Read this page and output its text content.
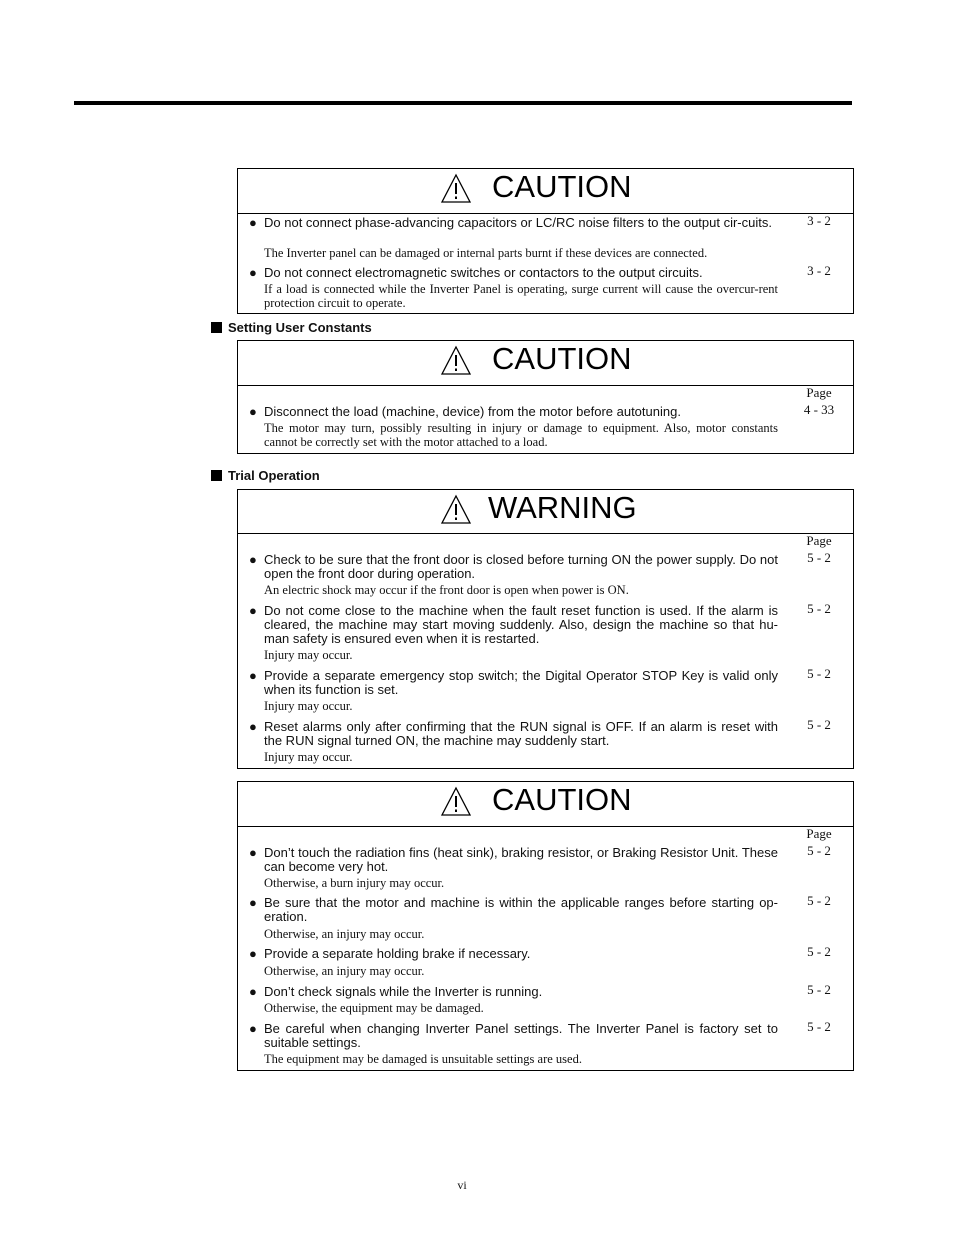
CAUTION
● Do not connect phase-advancing capacitors or LC/RC noise filters to the output cir-cuits.
The Inverter panel can be damaged or internal parts burnt if these devices are connected.
3 - 2
● Do not connect electromagnetic switches or contactors to the output circuits.
If a load is connected while the Inverter Panel is operating, surge current will cause the overcur-rent protection circuit to operate.
3 - 2
Setting User Constants
CAUTION
Page
● Disconnect the load (machine, device) from the motor before autotuning.
The motor may turn, possibly resulting in injury or damage to equipment. Also, motor constants cannot be correctly set with the motor attached to a load.
4 - 33
Trial Operation
WARNING
Page
● Check to be sure that the front door is closed before turning ON the power supply. Do not open the front door during operation.
An electric shock may occur if the front door is open when power is ON.
5 - 2
● Do not come close to the machine when the fault reset function is used. If the alarm is cleared, the machine may start moving suddenly. Also, design the machine so that hu-man safety is ensured even when it is restarted.
Injury may occur.
5 - 2
● Provide a separate emergency stop switch; the Digital Operator STOP Key is valid only when its function is set.
Injury may occur.
5 - 2
● Reset alarms only after confirming that the RUN signal is OFF. If an alarm is reset with the RUN signal turned ON, the machine may suddenly start.
Injury may occur.
5 - 2
CAUTION
Page
● Don’t touch the radiation fins (heat sink), braking resistor, or Braking Resistor Unit. These can become very hot.
Otherwise, a burn injury may occur.
5 - 2
● Be sure that the motor and machine is within the applicable ranges before starting op-eration.
Otherwise, an injury may occur.
5 - 2
● Provide a separate holding brake if necessary.
Otherwise, an injury may occur.
5 - 2
● Don’t check signals while the Inverter is running.
Otherwise, the equipment may be damaged.
5 - 2
● Be careful when changing Inverter Panel settings. The Inverter Panel is factory set to suitable settings.
The equipment may be damaged is unsuitable settings are used.
5 - 2
vi
